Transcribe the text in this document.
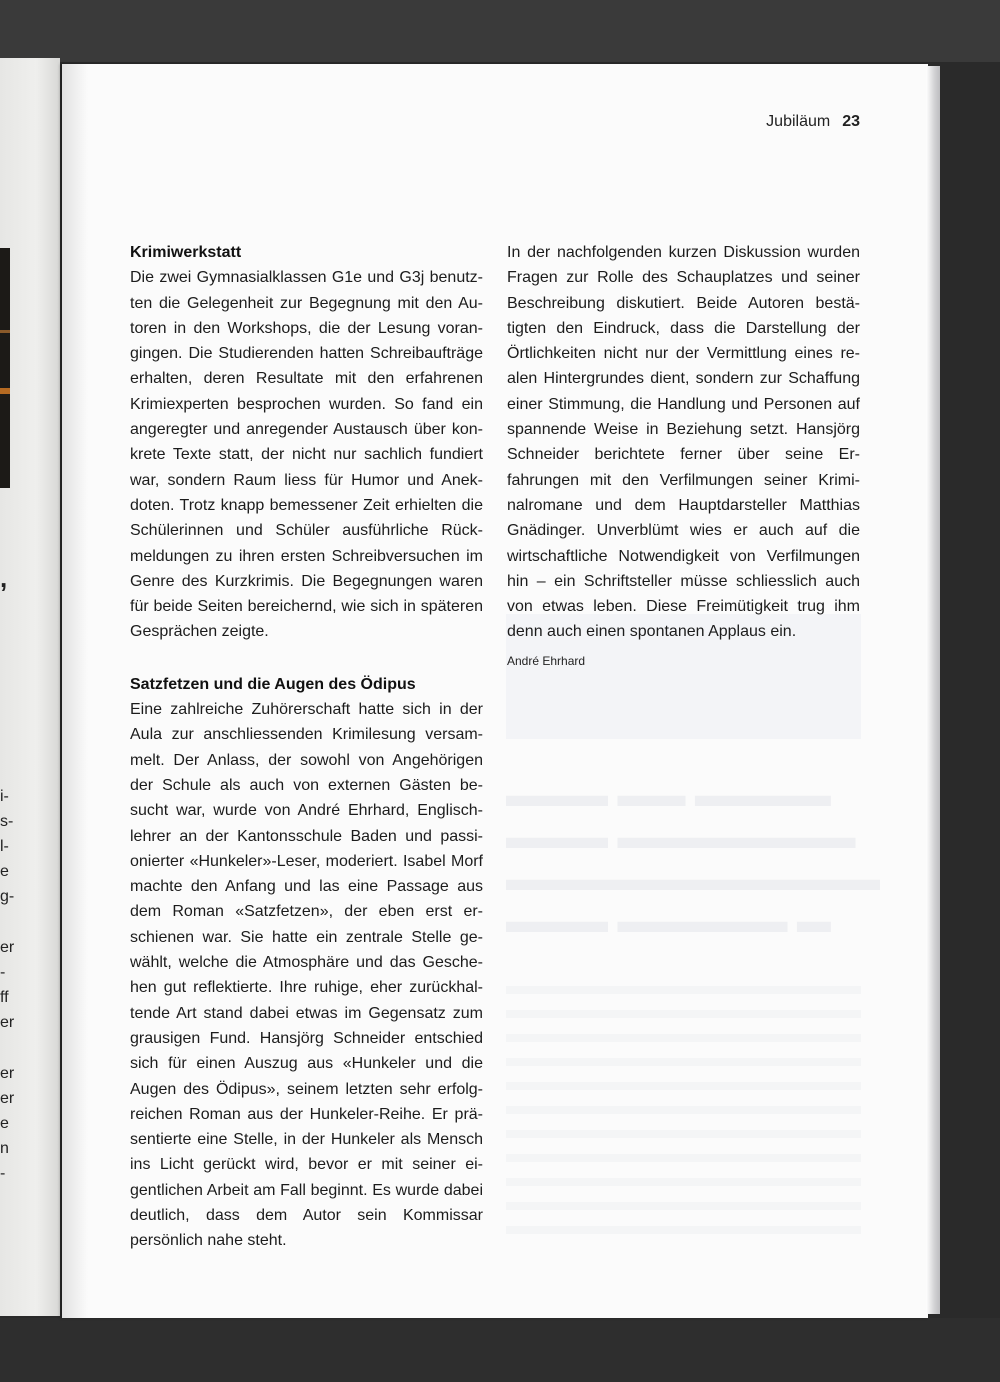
,
i-
s-
l-
e
g-
er
-
ff
er
er
er
e
n
-
▬▬▬ ▬▬ ▬▬▬▬
▬▬▬ ▬▬▬▬▬▬▬
▬▬▬▬▬▬▬▬▬▬▬
▬▬▬ ▬▬▬▬▬ ▬
Jubiläum 23
Krimiwerkstatt

Die zwei Gymnasialklassen G1e und G3j benutzten die Gelegenheit zur Begegnung mit den Autoren in den Workshops, die der Lesung vorangingen. Die Studierenden hatten Schreibaufträge erhalten, deren Resultate mit den erfahrenen Krimiexperten besprochen wurden. So fand ein angeregter und anregender Austausch über konkrete Texte statt, der nicht nur sachlich fundiert war, sondern Raum liess für Humor und Anekdoten. Trotz knapp bemessener Zeit erhielten die Schülerinnen und Schüler ausführliche Rückmeldungen zu ihren ersten Schreibversuchen im Genre des Kurzkrimis. Die Begegnungen waren für beide Seiten bereichernd, wie sich in späteren Gesprächen zeigte.

Satzfetzen und die Augen des Ödipus

Eine zahlreiche Zuhörerschaft hatte sich in der Aula zur anschliessenden Krimilesung versammelt. Der Anlass, der sowohl von Angehörigen der Schule als auch von externen Gästen besucht war, wurde von André Ehrhard, Englischlehrer an der Kantonsschule Baden und passionierter «Hunkeler»-Leser, moderiert. Isabel Morf machte den Anfang und las eine Passage aus dem Roman «Satzfetzen», der eben erst erschienen war. Sie hatte ein zentrale Stelle gewählt, welche die Atmosphäre und das Geschehen gut reflektierte. Ihre ruhige, eher zurückhaltende Art stand dabei etwas im Gegensatz zum grausigen Fund. Hansjörg Schneider entschied sich für einen Auszug aus «Hunkeler und die Augen des Ödipus», seinem letzten sehr erfolgreichen Roman aus der Hunkeler-Reihe. Er präsentierte eine Stelle, in der Hunkeler als Mensch ins Licht gerückt wird, bevor er mit seiner eigentlichen Arbeit am Fall beginnt. Es wurde dabei deutlich, dass dem Autor sein Kommissar persönlich nahe steht.

In der nachfolgenden kurzen Diskussion wurden Fragen zur Rolle des Schauplatzes und seiner Beschreibung diskutiert. Beide Autoren bestätigten den Eindruck, dass die Darstellung der Örtlichkeiten nicht nur der Vermittlung eines realen Hintergrundes dient, sondern zur Schaffung einer Stimmung, die Handlung und Personen auf spannende Weise in Beziehung setzt. Hansjörg Schneider berichtete ferner über seine Erfahrungen mit den Verfilmungen seiner Kriminalromane und dem Hauptdarsteller Matthias Gnädinger. Unverblümt wies er auch auf die wirtschaftliche Notwendigkeit von Verfilmungen hin – ein Schriftsteller müsse schliesslich auch von etwas leben. Diese Freimütigkeit trug ihm denn auch einen spontanen Applaus ein.

André Ehrhard
